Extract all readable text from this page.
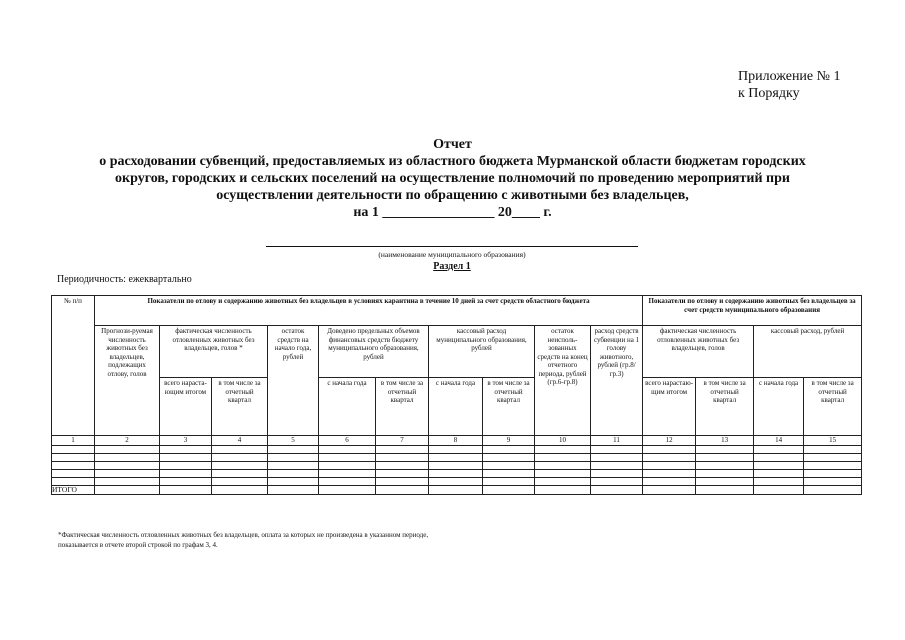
Приложение № 1
к Порядку
Отчет
о расходовании субвенций, предоставляемых из областного бюджета Мурманской области бюджетам городских
округов, городских и сельских поселений на осуществление полномочий по проведению мероприятий при
осуществлении деятельности по обращению с животными без владельцев,
на 1 ________________ 20____ г.
(наименование муниципального образования)
Раздел 1
Периодичность: ежеквартально
№ п/п	Показатели по отлову и содержанию животных без владельцев в условиях карантина в течение 10 дней за счет средств областного бюджета										Показатели по отлову и содержанию животных без владельцев за счет средств муниципального образования			
	Прогнози-руемая численность животных без владельцев, подлежащих отлову, голов	фактическая численность отловленных животных без владельцев, голов *		остаток средств на начало года, рублей	Доведено предельных объемов финансовых средств бюджету муниципального образования, рублей		кассовый расход муниципального образования, рублей		остаток неисполь-зованных средств на конец отчетного периода, рублей (гр.6-гр.8)	расход средств субвенции на 1 голову животного, рублей (гр.8/гр.3)	фактическая численность отловленных животных без владельцев, голов		кассовый расход, рублей	
		всего нараста-ющим итогом	в том числе за отчетный квартал		с начала года	в том числе за отчетный квартал	с начала года	в том числе за отчетный квартал			всего нарастаю-щим итогом	в том числе за отчетный квартал	с начала года	в том числе за отчетный квартал
1	2	3	4	5	6	7	8	9	10	11	12	13	14	15

ИТОГО														
*Фактическая численность отловленных животных без владельцев, оплата за которых не произведена в указанном периоде,
показывается в отчете второй строкой по графам 3, 4.
